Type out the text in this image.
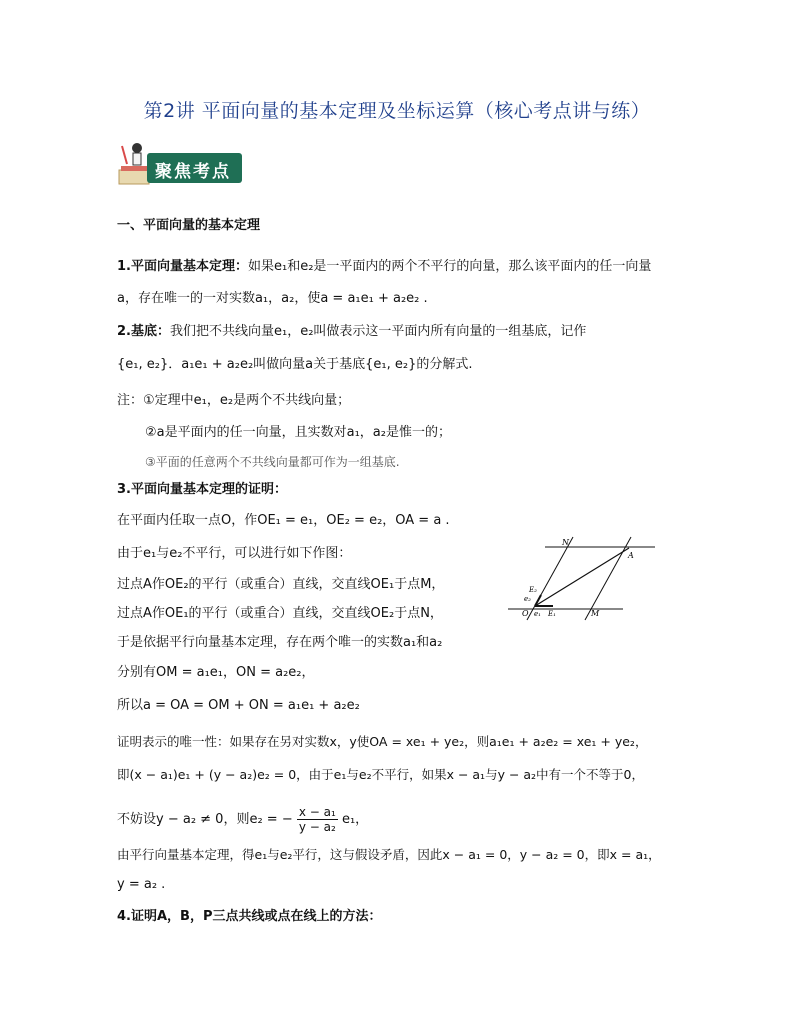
第2讲 平面向量的基本定理及坐标运算（核心考点讲与练）
聚焦考点
一、平面向量的基本定理
1.平面向量基本定理：如果e₁和e₂是一平面内的两个不平行的向量，那么该平面内的任一向量
a，存在唯一的一对实数a₁，a₂，使a = a₁e₁ + a₂e₂ .
2.基底：我们把不共线向量e₁，e₂叫做表示这一平面内所有向量的一组基底，记作
{e₁, e₂}．a₁e₁ + a₂e₂叫做向量a关于基底{e₁, e₂}的分解式.
注：①定理中e₁，e₂是两个不共线向量；
②a是平面内的任一向量，且实数对a₁，a₂是惟一的；
③平面的任意两个不共线向量都可作为一组基底.
3.平面向量基本定理的证明：
在平面内任取一点O，作OE₁ = e₁，OE₂ = e₂，OA = a .
由于e₁与e₂不平行，可以进行如下作图：
过点A作OE₂的平行（或重合）直线，交直线OE₁于点M，
过点A作OE₁的平行（或重合）直线，交直线OE₂于点N，
于是依据平行向量基本定理，存在两个唯一的实数a₁和a₂
分别有OM = a₁e₁，ON = a₂e₂，
所以a = OA = OM + ON = a₁e₁ + a₂e₂
证明表示的唯一性：如果存在另对实数x，y使OA = xe₁ + ye₂，则a₁e₁ + a₂e₂ = xe₁ + ye₂，
即(x − a₁)e₁ + (y − a₂)e₂ = 0，由于e₁与e₂不平行，如果x − a₁与y − a₂中有一个不等于0，
不妨设y − a₂ ≠ 0，则e₂ = − $\frac{\text{x − a₁}}{\text{y − a₂}} e_1$，
由平行向量基本定理，得e₁与e₂平行，这与假设矛盾，因此x − a₁ = 0，y − a₂ = 0，即x = a₁，
y = a₂ .
4.证明A，B，P三点共线或点在线上的方法：
N
A
E₂
e₂
O e₁ E₁	M
